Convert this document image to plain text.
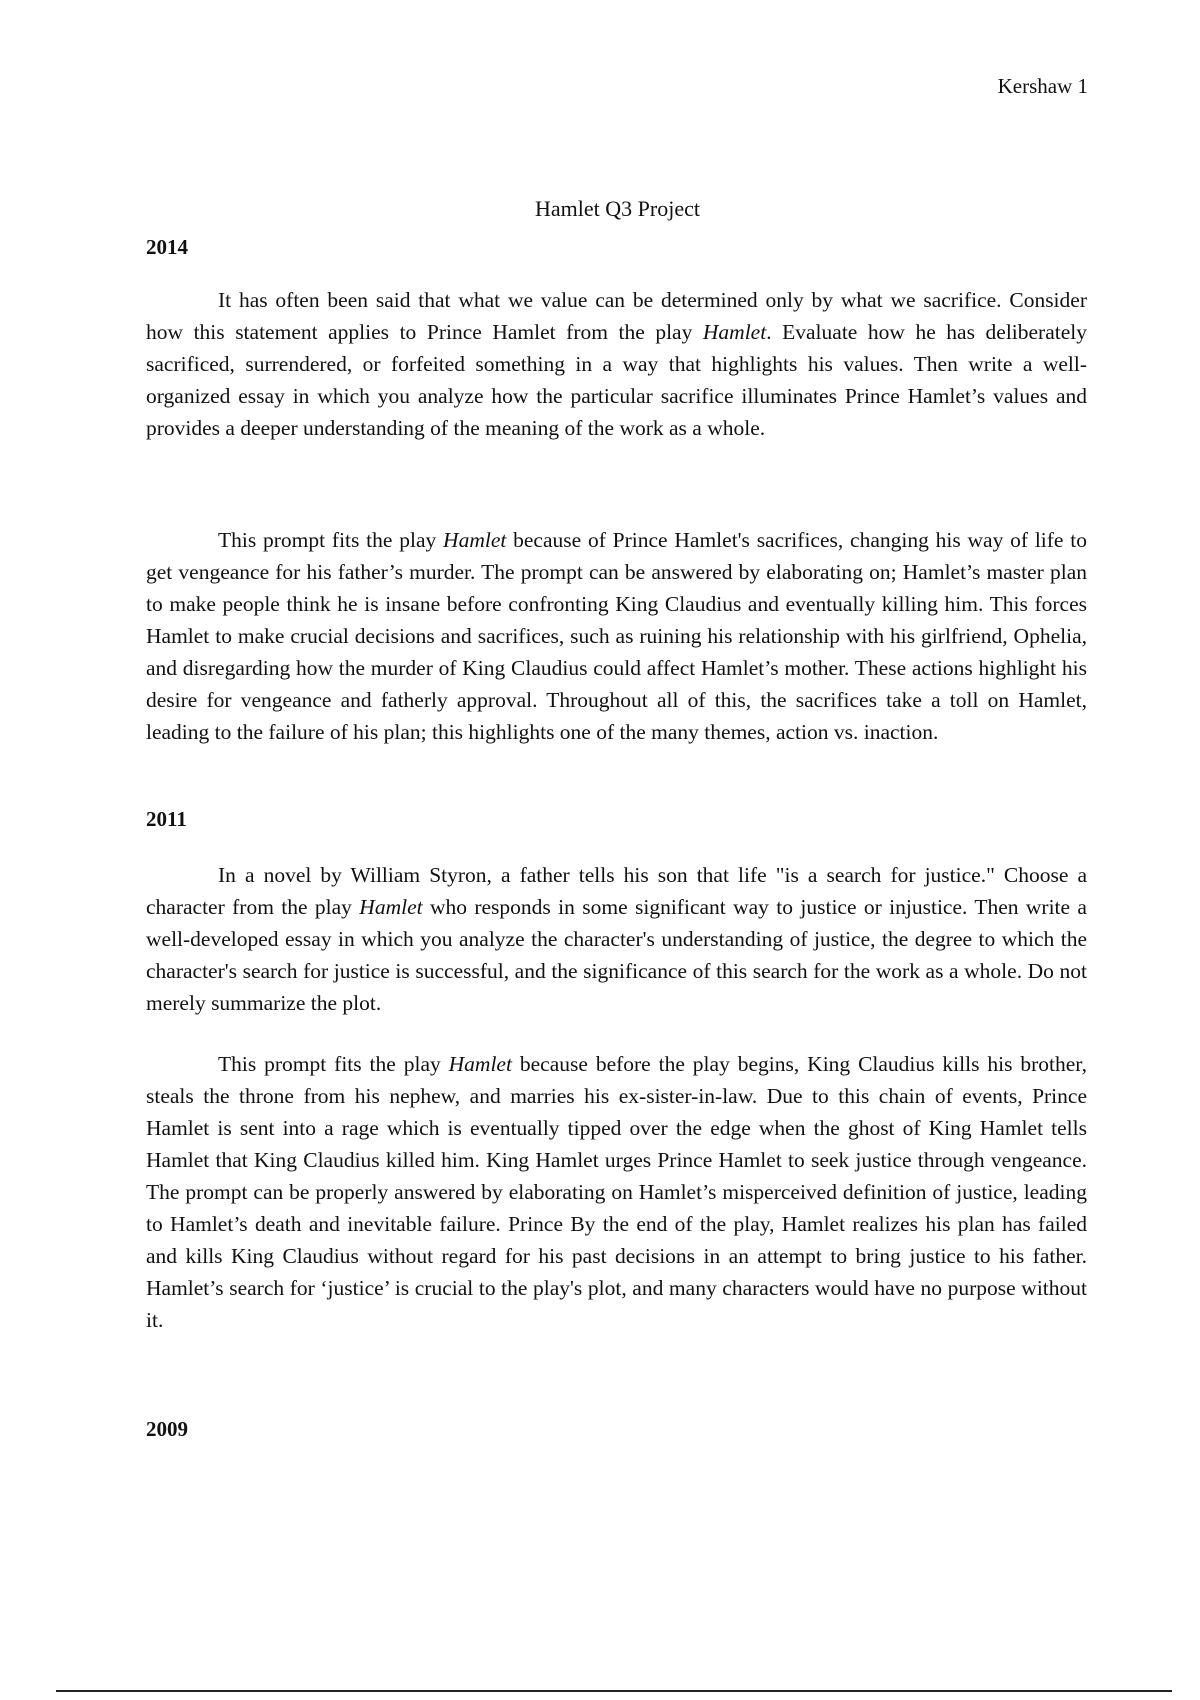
Kershaw 1
Hamlet Q3 Project

2014

It has often been said that what we value can be determined only by what we sacrifice. Consider how this statement applies to Prince Hamlet from the play Hamlet. Evaluate how he has deliberately sacrificed, surrendered, or forfeited something in a way that highlights his values. Then write a well-organized essay in which you analyze how the particular sacrifice illuminates Prince Hamlet’s values and provides a deeper understanding of the meaning of the work as a whole.

This prompt fits the play Hamlet because of Prince Hamlet's sacrifices, changing his way of life to get vengeance for his father’s murder. The prompt can be answered by elaborating on; Hamlet’s master plan to make people think he is insane before confronting King Claudius and eventually killing him. This forces Hamlet to make crucial decisions and sacrifices, such as ruining his relationship with his girlfriend, Ophelia, and disregarding how the murder of King Claudius could affect Hamlet’s mother. These actions highlight his desire for vengeance and fatherly approval. Throughout all of this, the sacrifices take a toll on Hamlet, leading to the failure of his plan; this highlights one of the many themes, action vs. inaction.

2011

In a novel by William Styron, a father tells his son that life "is a search for justice." Choose a character from the play Hamlet who responds in some significant way to justice or injustice. Then write a well-developed essay in which you analyze the character's understanding of justice, the degree to which the character's search for justice is successful, and the significance of this search for the work as a whole. Do not merely summarize the plot.

This prompt fits the play Hamlet because before the play begins, King Claudius kills his brother, steals the throne from his nephew, and marries his ex-sister-in-law. Due to this chain of events, Prince Hamlet is sent into a rage which is eventually tipped over the edge when the ghost of King Hamlet tells Hamlet that King Claudius killed him. King Hamlet urges Prince Hamlet to seek justice through vengeance. The prompt can be properly answered by elaborating on Hamlet’s misperceived definition of justice, leading to Hamlet’s death and inevitable failure. Prince By the end of the play, Hamlet realizes his plan has failed and kills King Claudius without regard for his past decisions in an attempt to bring justice to his father. Hamlet’s search for ‘justice’ is crucial to the play's plot, and many characters would have no purpose without it.

2009
